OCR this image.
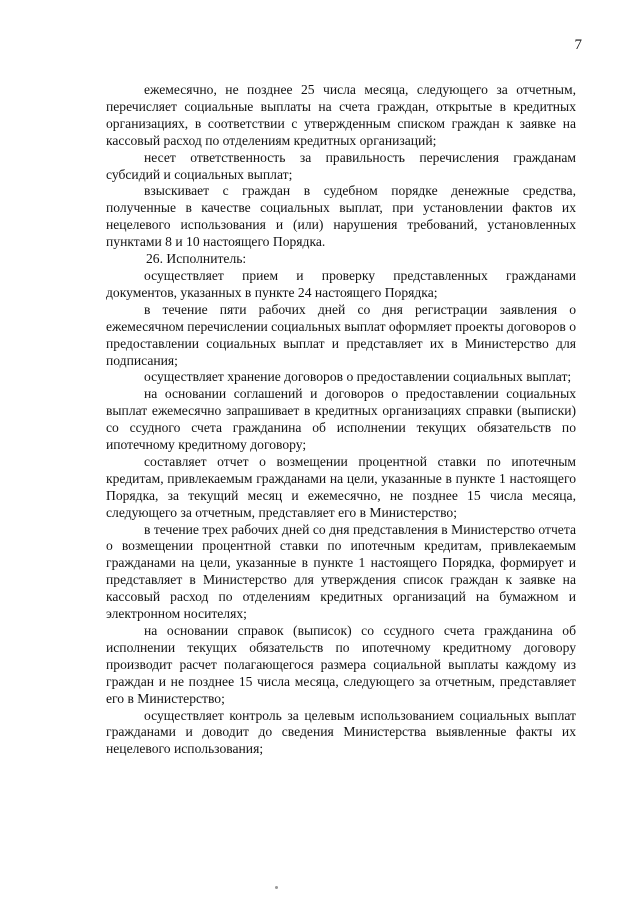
7

ежемесячно, не позднее 25 числа месяца, следующего за отчетным, перечисляет социальные выплаты на счета граждан, открытые в кредитных организациях, в соответствии с утвержденным списком граждан к заявке на кассовый расход по отделениям кредитных организаций;

несет ответственность за правильность перечисления гражданам субсидий и социальных выплат;

взыскивает с граждан в судебном порядке денежные средства, полученные в качестве социальных выплат, при установлении фактов их нецелевого использования и (или) нарушения требований, установленных пунктами 8 и 10 настоящего Порядка.

26. Исполнитель:

осуществляет прием и проверку представленных гражданами документов, указанных в пункте 24 настоящего Порядка;

в течение пяти рабочих дней со дня регистрации заявления о ежемесячном перечислении социальных выплат оформляет проекты договоров о предоставлении социальных выплат и представляет их в Министерство для подписания;

осуществляет хранение договоров о предоставлении социальных выплат;

на основании соглашений и договоров о предоставлении социальных выплат ежемесячно запрашивает в кредитных организациях справки (выписки) со ссудного счета гражданина об исполнении текущих обязательств по ипотечному кредитному договору;

составляет отчет о возмещении процентной ставки по ипотечным кредитам, привлекаемым гражданами на цели, указанные в пункте 1 настоящего Порядка, за текущий месяц и ежемесячно, не позднее 15 числа месяца, следующего за отчетным, представляет его в Министерство;

в течение трех рабочих дней со дня представления в Министерство отчета о возмещении процентной ставки по ипотечным кредитам, привлекаемым гражданами на цели, указанные в пункте 1 настоящего Порядка, формирует и представляет в Министерство для утверждения список граждан к заявке на кассовый расход по отделениям кредитных организаций на бумажном и электронном носителях;

на основании справок (выписок) со ссудного счета гражданина об исполнении текущих обязательств по ипотечному кредитному договору производит расчет полагающегося размера социальной выплаты каждому из граждан и не позднее 15 числа месяца, следующего за отчетным, представляет его в Министерство;

осуществляет контроль за целевым использованием социальных выплат гражданами и доводит до сведения Министерства выявленные факты их нецелевого использования;
